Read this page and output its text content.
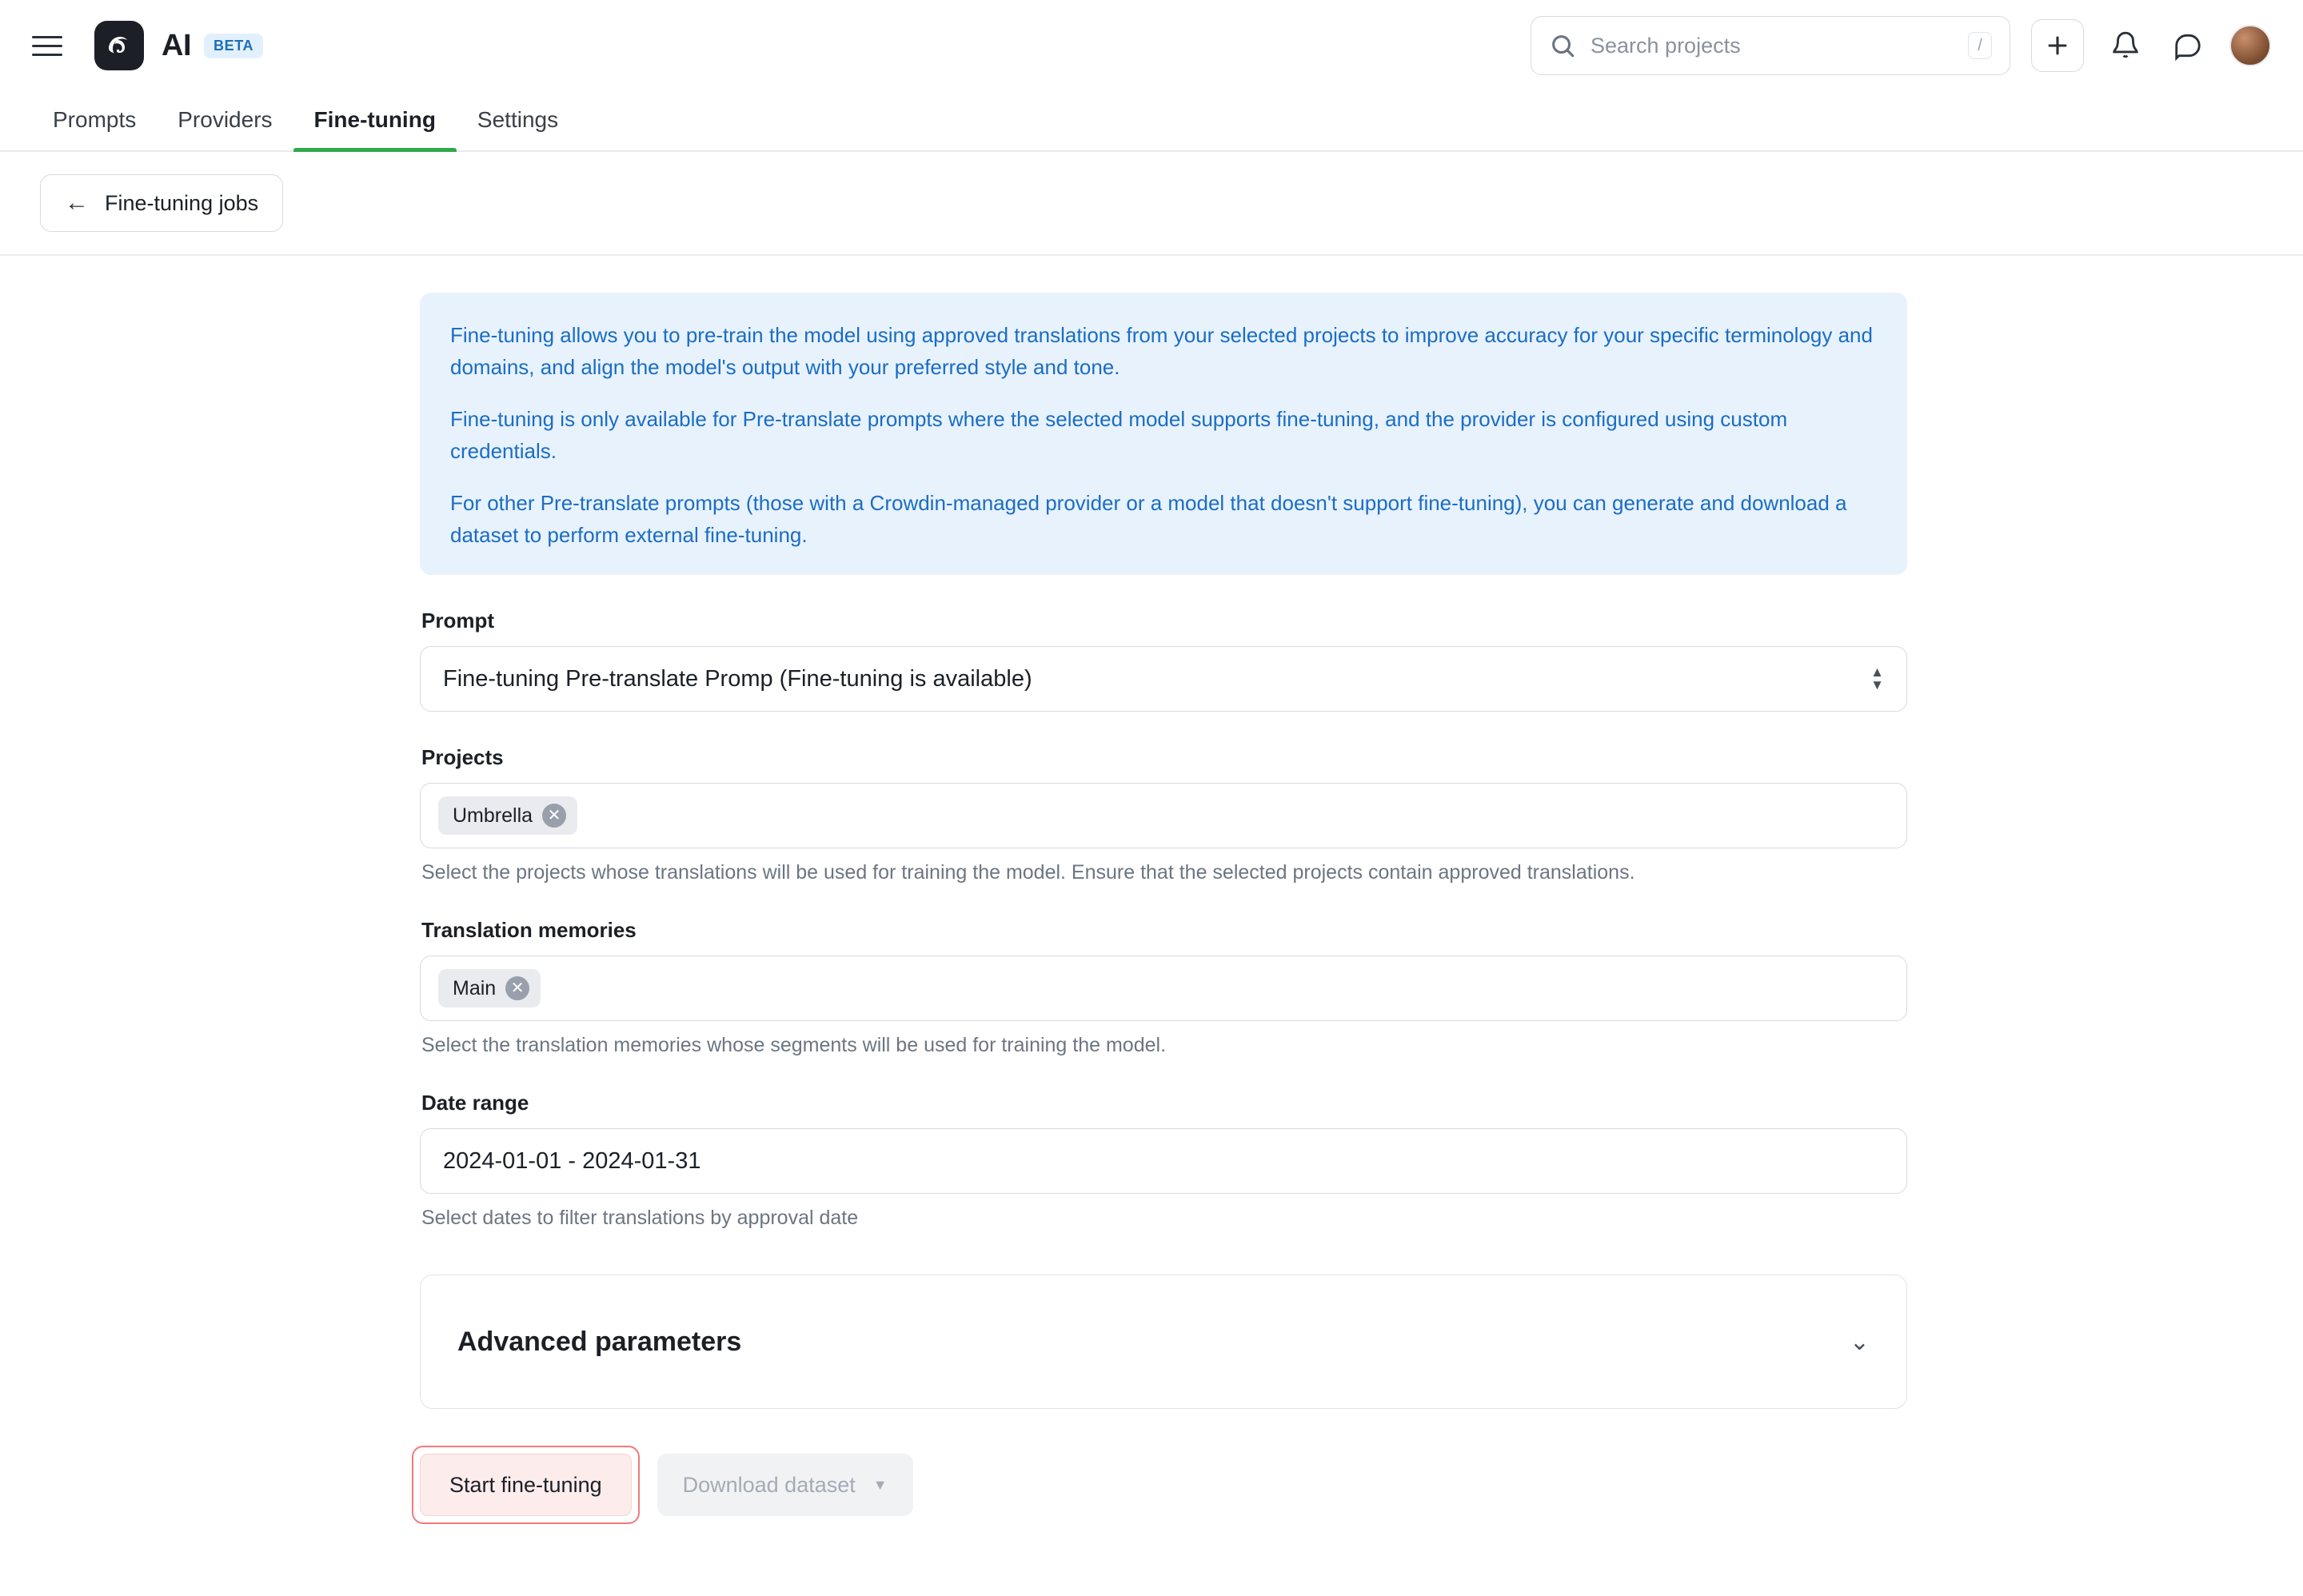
AI	BETA
Search projects	/
Prompts	Providers	Fine-tuning	Settings
← Fine-tuning jobs

Fine-tuning allows you to pre-train the model using approved translations from your selected projects to improve accuracy for your specific terminology and domains, and align the model's output with your preferred style and tone.

Fine-tuning is only available for Pre-translate prompts where the selected model supports fine-tuning, and the provider is configured using custom credentials.

For other Pre-translate prompts (those with a Crowdin-managed provider or a model that doesn't support fine-tuning), you can generate and download a dataset to perform external fine-tuning.

Prompt
Fine-tuning Pre-translate Promp (Fine-tuning is available)	▲
▼
Projects
Umbrella ✕
Select the projects whose translations will be used for training the model. Ensure that the selected projects contain approved translations.
Translation memories
Main ✕
Select the translation memories whose segments will be used for training the model.
Date range
2024-01-01 - 2024-01-31
Select dates to filter translations by approval date
Advanced parameters	⌄
Start fine-tuning	Download dataset ▼
